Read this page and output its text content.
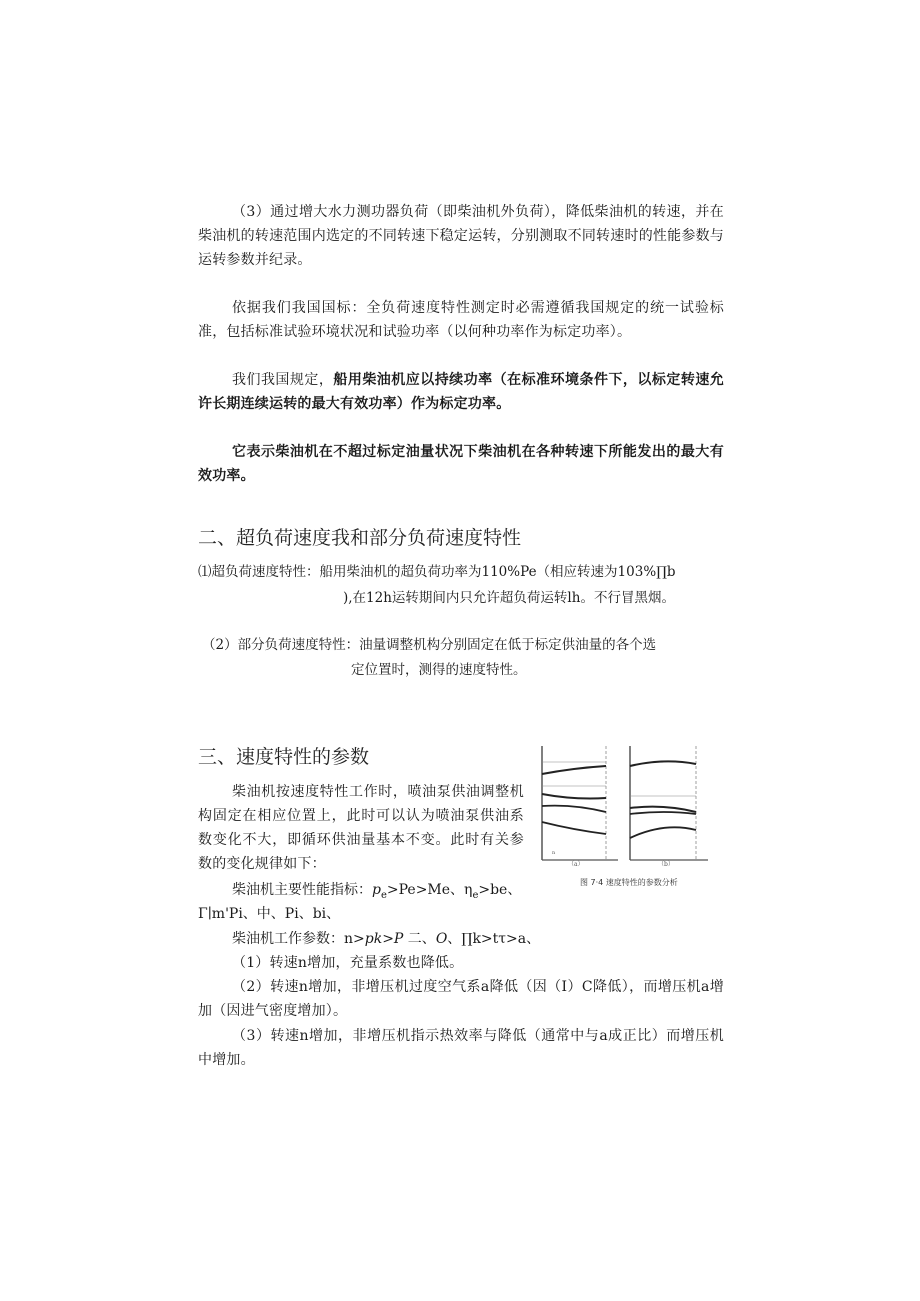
（3）通过增大水力测功器负荷（即柴油机外负荷），降低柴油机的转速，并在柴油机的转速范围内选定的不同转速下稳定运转，分别测取不同转速时的性能参数与运转参数并纪录。

依据我们我国国标：全负荷速度特性测定时必需遵循我国规定的统一试验标准，包括标准试验环境状况和试验功率（以何种功率作为标定功率）。

我们我国规定，船用柴油机应以持续功率（在标准环境条件下，以标定转速允许长期连续运转的最大有效功率）作为标定功率。

它表示柴油机在不超过标定油量状况下柴油机在各种转速下所能发出的最大有效功率。

二、超负荷速度我和部分负荷速度特性

⑴超负荷速度特性：船用柴油机的超负荷功率为110%Pe（相应转速为103%∏b

),在12h运转期间内只允许超负荷运转lh。不行冒黑烟。

（2）部分负荷速度特性：油量调整机构分别固定在低于标定供油量的各个选

定位置时，测得的速度特性。

三、速度特性的参数

柴油机按速度特性工作时，喷油泵供油调整机构固定在相应位置上，此时可以认为喷油泵供油系数变化不大，即循环供油量基本不变。此时有关参数的变化规律如下：

柴油机主要性能指标：$p_e>Pe>Me$、$\eta_e>be$、

Γ∣m'Pi、中、Pi、bi、

柴油机工作参数：n>pk>P 二、O、∏k>tτ>a、

（1）转速n增加，充量系数也降低。

（2）转速n增加，非增压机过度空气系a降低（因（I）C降低），而增压机a增加（因进气密度增加）。

（3）转速n增加，非增压机指示热效率与降低（通常中与a成正比）而增压机中增加。

n
（a）	（b）
图 7·4 速度特性的参数分析
